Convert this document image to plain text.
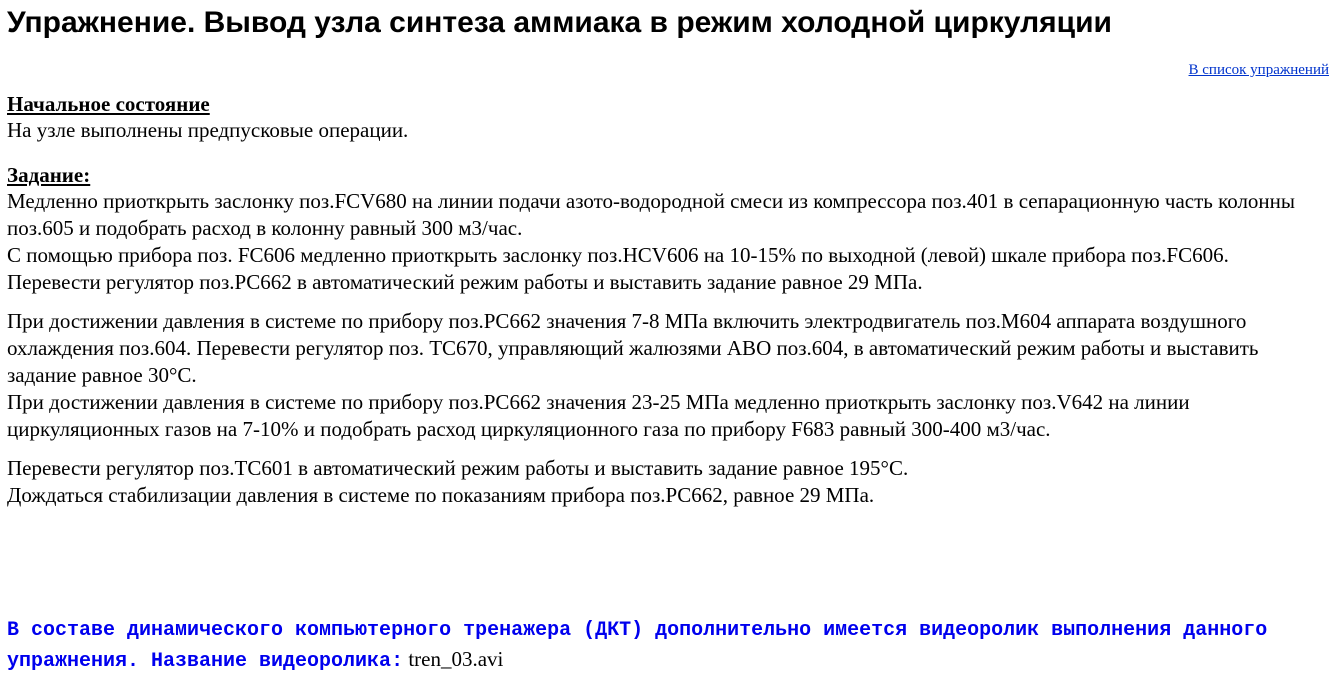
Упражнение. Вывод узла синтеза аммиака в режим холодной циркуляции
В список упражнений
Начальное состояние
На узле выполнены предпусковые операции.
Задание:
Медленно приоткрыть заслонку поз.FCV680 на линии подачи азото-водородной смеси из компрессора поз.401 в сепарационную часть колонны поз.605 и подобрать расход в колонну равный 300 м3/час.
С помощью прибора поз. FC606 медленно приоткрыть заслонку поз.HCV606 на 10-15% по выходной (левой) шкале прибора поз.FC606.
Перевести регулятор поз.PC662 в автоматический режим работы и выставить задание равное 29 МПа.
При достижении давления в системе по прибору поз.PC662 значения 7-8 МПа включить электродвигатель поз.M604 аппарата воздушного охлаждения поз.604. Перевести регулятор поз. TC670, управляющий жалюзями АВО поз.604, в автоматический режим работы и выставить задание равное 30°C.
При достижении давления в системе по прибору поз.PC662 значения 23-25 МПа медленно приоткрыть заслонку поз.V642 на линии циркуляционных газов на 7-10% и подобрать расход циркуляционного газа по прибору F683 равный 300-400 м3/час.
Перевести регулятор поз.TC601 в автоматический режим работы и выставить задание равное 195°C.
Дождаться стабилизации давления в системе по показаниям прибора поз.PC662, равное 29 МПа.
В составе динамического компьютерного тренажера (ДКТ) дополнительно имеется видеоролик выполнения данного упражнения. Название видеоролика: tren_03.avi
